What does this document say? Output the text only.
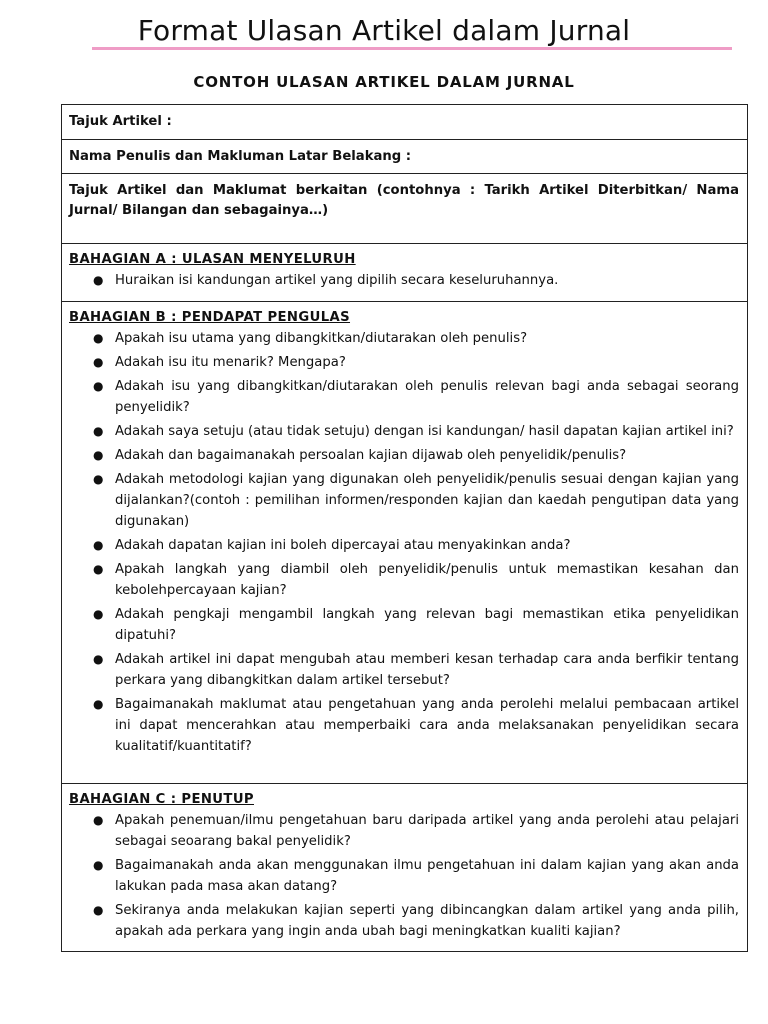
Format Ulasan Artikel dalam Jurnal
CONTOH ULASAN ARTIKEL DALAM JURNAL
Tajuk Artikel :
Nama Penulis dan Makluman Latar Belakang :
Tajuk Artikel dan Maklumat berkaitan (contohnya : Tarikh Artikel Diterbitkan/ Nama Jurnal/ Bilangan dan sebagainya…)
BAHAGIAN A : ULASAN MENYELURUH
● Huraikan isi kandungan artikel yang dipilih secara keseluruhannya.
BAHAGIAN B : PENDAPAT PENGULAS
● Apakah isu utama yang dibangkitkan/diutarakan oleh penulis?
● Adakah isu itu menarik? Mengapa?
● Adakah isu yang dibangkitkan/diutarakan oleh penulis relevan bagi anda sebagai seorang penyelidik?
● Adakah saya setuju (atau tidak setuju) dengan isi kandungan/ hasil dapatan kajian artikel ini?
● Adakah dan bagaimanakah persoalan kajian dijawab oleh penyelidik/penulis?
● Adakah metodologi kajian yang digunakan oleh penyelidik/penulis sesuai dengan kajian yang dijalankan?(contoh : pemilihan informen/responden kajian dan kaedah pengutipan data yang digunakan)
● Adakah dapatan kajian ini boleh dipercayai atau menyakinkan anda?
● Apakah langkah yang diambil oleh penyelidik/penulis untuk memastikan kesahan dan kebolehpercayaan kajian?
● Adakah pengkaji mengambil langkah yang relevan bagi memastikan etika penyelidikan dipatuhi?
● Adakah artikel ini dapat mengubah atau memberi kesan terhadap cara anda berfikir tentang perkara yang dibangkitkan dalam artikel tersebut?
● Bagaimanakah maklumat atau pengetahuan yang anda perolehi melalui pembacaan artikel ini dapat mencerahkan atau memperbaiki cara anda melaksanakan penyelidikan secara kualitatif/kuantitatif?
BAHAGIAN C : PENUTUP
● Apakah penemuan/ilmu pengetahuan baru daripada artikel yang anda perolehi atau pelajari sebagai seoarang bakal penyelidik?
● Bagaimanakah anda akan menggunakan ilmu pengetahuan ini dalam kajian yang akan anda lakukan pada masa akan datang?
● Sekiranya anda melakukan kajian seperti yang dibincangkan dalam artikel yang anda pilih, apakah ada perkara yang ingin anda ubah bagi meningkatkan kualiti kajian?
